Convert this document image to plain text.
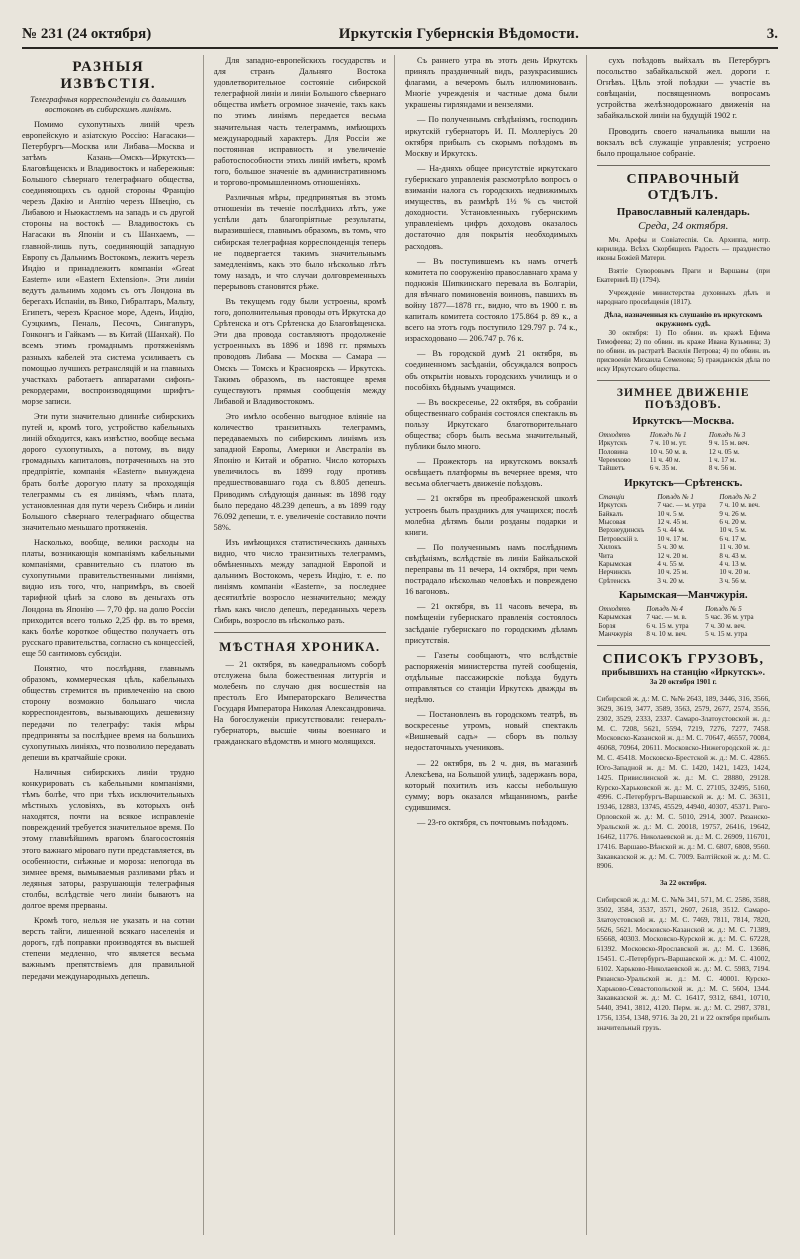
№ 231 (24 октября)	Иркутскія Губернскія Вѣдомости.	3.
РАЗНЫЯ ИЗВѢСТІЯ.
Телеграфныя корреспонденціи съ дальнимъ востокомъ въ сибирскимъ линіямъ.

Помимо сухопутныхъ линій чрезъ европейскую и азіатскую Россію: Нагасаки—Петербургъ—Москва или Либава—Москва и затѣмъ Казань—Омскъ—Иркутскъ—Благовѣщенскъ и Владивостокъ и набережныя: Большого сѣвернаго телеграфнаго общества, соединяющихъ съ одной стороны Францію черезъ Дакію и Англію черезъ Швецію, съ Либавою и Ньюкастлемъ на западъ и съ другой стороны на востокѣ — Владивостокъ съ Нагасаки въ Японіи и съ Шанхаемъ, — главной-лишь путь, соединяющій западную Европу съ Дальнимъ Востокомъ, лежитъ черезъ Индію и принадлежитъ компаніи «Great Eastern» или «Eastern Extension». Эти линіи ведутъ дальнимъ ходомъ съ отъ Лондона въ берегахъ Испаніи, въ Вико, Гибралтаръ, Мальту, Египетъ, черезъ Красное море, Аденъ, Индію, Суэцкимъ, Пеналь, Песочъ, Сингапуръ, Гонконгъ и Гайкамъ — въ Китай (Шанхай). По всемъ этимъ громаднымъ протяженіямъ разныхъ кабелей эта система усиливаетъ съ помощью лучшихъ ретрансляцій и на главныхъ участкахъ работаетъ аппаратами сифонъ-рекордерами, воспроизводящими шрифтъ-морзе записи.

Эти пути значительно длиннѣе сибирскихъ путей и, кромѣ того, устройство кабельныхъ линій обходится, какъ извѣстно, вообще весьма дорого сухопутныхъ, а потому, въ виду громадныхъ капиталовъ, потраченныхъ на это предпріятіе, компанія «Eastern» вынуждена брать болѣе дорогую плату за проходящія телеграммы съ ея линіямъ, чѣмъ плата, установленная для пути черезъ Сибирь и линіи Большого сѣвернаго телеграфнаго общества значительно меньшаго протяженія.

Насколько, вообще, велики расходы на платы, возникающія компаніямъ кабельными компаніями, сравнительно съ платою въ сухопутными правительственными линіями, видно изъ того, что, напримѣръ, въ своей тарифной цѣнѣ за слово въ деньгахъ отъ Лондона въ Японію — 7,70 фр. на долю Россіи приходится всего только 2,25 фр. въ то время, какъ болѣе короткое общество получаетъ отъ русскаго правительства, согласно съ концессіей, еще 50 сантимовъ субсидіи.

Понятно, что послѣдняя, главнымъ образомъ, коммерческая цѣль, кабельныхъ обществъ стремится въ привлеченію на свою сторону возможно большаго числа корреспондентовъ, вызывающихъ дешевизну передачи по телеграфу: такія мѣры предприняты за послѣднее время на большихъ сухопутныхъ линіяхъ, что позволило передавать депеши въ кратчайшіе сроки.

Наличныя сибирскихъ линіи трудно конкурировать съ кабельными компаніями, тѣмъ болѣе, что при тѣхъ исключительныхъ мѣстныхъ условіяхъ, въ которыхъ онѣ находятся, почти на всякое исправленіе повреждений требуется значительное время. По этому главнѣйшимъ врагомъ благосостоянія этого важнаго міроваго пути представляется, въ особенности, снѣжные и мороза: непогода въ зимнее время, вымываемыя разливами рѣкъ и ледяныя заторы, разрушающія телеграфныя столбы, вслѣдствіе чего линіи бываютъ на долгое время прерваны.

Кромѣ того, нельзя не указать и на сотни верстъ тайги, лишенной всякаго населенія и дорогъ, гдѣ поправки производятся въ высшей степени медленно, что является весьма важнымъ препятствіемъ для правильной передачи международныхъ депешъ.

Для западно-европейскихъ государствъ и для странъ Дальняго Востока удовлетворительное состояніе сибирской телеграфной линіи и линіи Большого сѣвернаго общества имѣетъ огромное значеніе, такъ какъ по этимъ линіямъ передается весьма значительная часть телеграммъ, имѣющихъ международный характеръ. Для Россіи же постоянная исправность и увеличеніе работоспособности этихъ линій имѣетъ, кромѣ того, большое значеніе въ административномъ и торгово-промышленномъ отношеніяхъ.

Различныя мѣры, предпринятыя въ этомъ отношеніи въ теченіе послѣднихъ лѣтъ, уже успѣли дать благопріятные результаты, выразившіеся, главнымъ образомъ, въ томъ, что сибирская телеграфная корреспонденція теперь не подвергается такимъ значительнымъ замедленіямъ, какъ это было нѣсколько лѣтъ тому назадъ, и что случаи долговременныхъ перерывовъ становятся рѣже.

Въ текущемъ году были устроены, кромѣ того, дополнительныя проводы отъ Иркутска до Срѣтенска и отъ Срѣтенска до Благовѣщенска. Эти два провода составляютъ продолженіе устроенныхъ въ 1896 и 1898 гг. прямыхъ проводовъ Либава — Москва — Самара — Омскъ — Томскъ и Красноярскъ — Иркутскъ. Такимъ образомъ, въ настоящее время существуютъ прямыя сообщенія между Либавой и Владивостокомъ.

Это имѣло особенно выгодное вліяніе на количество транзитныхъ телеграммъ, передаваемыхъ по сибирскимъ линіямъ изъ западной Европы, Америки и Австраліи въ Японію и Китай и обратно. Число которыхъ увеличилось въ 1899 году противъ предшествовавшаго года съ 8.805 депешъ. Приводимъ слѣдующія данныя: въ 1898 году было передано 48.239 депешъ, а въ 1899 году 76.092 депеши, т. е. увеличеніе составило почти 58%.

Изъ имѣющихся статистическихъ данныхъ видно, что число транзитныхъ телеграммъ, обмѣненныхъ между западной Европой и дальнимъ Востокомъ, черезъ Индію, т. е. по линіямъ компаніи «Eastern», за последнее десятилѣтіе возросло незначительно; между тѣмъ какъ число депешъ, переданныхъ черезъ Сибирь, возросло въ нѣсколько разъ.

МѢСТНАЯ ХРОНИКА.

— 21 октября, въ каѳедральномъ соборѣ отслужена была божественная литургія и молебенъ по случаю дня восшествія на престолъ Его Императорскаго Величества Государя Императора Николая Александровича. На богослуженіи присутствовали: генералъ-губернаторъ, высшіе чины военнаго и гражданскаго вѣдомствъ и много молящихся.

Съ раннего утра въ этотъ день Иркутскъ принялъ праздничный видъ, разукрасившись флагами, а вечеромъ былъ иллюминованъ. Многіе учрежденія и частные дома были украшены гирляндами и вензелями.

— По полученнымъ свѣдѣніямъ, господинъ иркутскій губернаторъ И. П. Моллерiусъ 20 октября прибылъ съ скорымъ поѣздомъ въ Москву и Иркутскъ.

— На-дняхъ общее присутствіе иркутскаго губернскаго управленія разсмотрѣло вопросъ о взиманіи налога съ городскихъ недвижимыхъ имуществъ, въ размѣрѣ 1½ % съ чистой доходности. Установленныхъ губернскимъ управленіемъ цифръ доходовъ оказалось достаточно для покрытія необходимыхъ расходовъ.

— Въ поступившемъ къ намъ отчетѣ комитета по сооруженію православнаго храма у подножія Шипкинскаго перевала въ Болгаріи, для вѣчнаго поминовенія воиновъ, павшихъ въ войну 1877—1878 гг., видно, что въ 1900 г. въ капиталъ комитета состояло 175.864 р. 89 к., а всего на этотъ годъ поступило 129.797 р. 74 к., израсходовано — 206.747 р. 76 к.

— Въ городской думѣ 21 октября, въ соединенномъ засѣданіи, обсуждался вопросъ объ открытіи новыхъ городскихъ училищъ и о пособіяхъ бѣднымъ учащимся.

— Въ воскресенье, 22 октября, въ собраніи общественнаго собранія состоялся спектакль въ пользу Иркутскаго благотворительнаго общества; сборъ былъ весьма значительный, публики было много.

— Прожекторъ на иркутскомъ вокзалѣ освѣщаетъ платформы въ вечернее время, что весьма облегчаетъ движеніе поѣздовъ.

— 21 октября въ преображенской школѣ устроенъ былъ праздникъ для учащихся; послѣ молебна дѣтямъ были розданы подарки и книги.

— По полученнымъ намъ послѣднимъ свѣдѣніямъ, вслѣдствіе въ линіи Байкальской переправы въ 11 вечера, 14 октября, при чемъ пострадало нѣсколько человѣкъ и повреждено 16 вагоновъ.

— 21 октября, въ 11 часовъ вечера, въ помѣщеніи губернскаго правленія состоялось засѣданіе губернскаго по городскимъ дѣламъ присутствія.

— Газеты сообщаютъ, что вслѣдствіе распоряженія министерства путей сообщенія, отдѣльные пассажирскіе поѣзда будутъ отправляться со станціи Иркутскъ дважды въ недѣлю.

— Постановленъ въ городскомъ театрѣ, въ воскресенье утромъ, новый спектакль «Вишневый садъ» — сборъ въ пользу недостаточныхъ учениковъ.

— 22 октября, въ 2 ч. дня, въ магазинѣ Алексѣева, на Большой улицѣ, задержанъ вора, который похитилъ изъ кассы небольшую сумму; воръ оказался мѣщаниномъ, ранѣе судившимся.

— 23-го октября, съ почтовымъ поѣздомъ.

сухъ поѣздовъ выйхалъ въ Петербургъ посольство забайкальской жел. дороги г. Огнѣвъ. Цѣль этой поѣздки — участіе въ совѣщаніи, посвященномъ вопросамъ устройства желѣзнодорожнаго движенія на забайкальской линіи на будущій 1902 г.

Проводить своего начальника вышли на вокзалъ всѣ служащіе управленія; устроено было прощальное собраніе.

СПРАВОЧНЫЙ ОТДѢЛЪ.
Православный календарь.
Среда, 24 октября.

Мч. Арефы и Совіатеспія. Св. Архиппа, митр. кирилида. Всѣхъ Скорбящихъ Радость — празднество иконы Божіей Матери.

Взятіе Суворовымъ Праги и Варшавы (при Екатеринѣ II) (1794).

Учрежденіе министерства духовныхъ дѣлъ и народнаго просвѣщенія (1817).

Дѣла, назначенныя къ слушанію въ иркутскомъ окружномъ судѣ.

30 октября: 1) По обвин. въ кражѣ Ефима Тимофеева; 2) по обвин. въ краже Ивана Кузьмина; 3) по обвин. въ растратѣ Василія Петрова; 4) по обвин. въ присвоеніи Михаила Семенова; 5) гражданскія дѣла по иску Иркутскаго общества.

ЗИМНЕЕ ДВИЖЕНІЕ ПОѢЗДОВЪ.
Иркутскъ—Москва.
Отходятъ	Поѣздъ № 1	Поѣздъ № 3
Иркутскъ	7 ч. 10 м. ут.	9 ч. 15 м. веч.
Половина	10 ч. 50 м. в.	12 ч. 05 м.
Черемхово	11 ч. 40 м.	1 ч. 17 м.
Тайшетъ	6 ч. 35 м.	8 ч. 56 м.
Иркутскъ—Срѣтенскъ.
Станціи	Поѣздъ № 1	Поѣздъ № 2
Иркутскъ	7 час. — м. утра	7 ч. 10 м. веч.
Байкалъ	10 ч. 5 м.	9 ч. 26 м.
Мысовая	12 ч. 45 м.	6 ч. 20 м.
Верхнеудинскъ	5 ч. 44 м.	10 ч. 5 м.
Петровскій з.	10 ч. 17 м.	6 ч. 17 м.
Хилокъ	5 ч. 30 м.	11 ч. 30 м.
Чита	12 ч. 20 м.	8 ч. 43 м.
Карымская	4 ч. 55 м.	4 ч. 13 м.
Нерчинскъ	10 ч. 25 м.	10 ч. 20 м.
Срѣтенскъ	3 ч. 20 м.	3 ч. 56 м.
Карымская—Манчжурія.
Отходятъ	Поѣздъ № 4	Поѣздъ № 5
Карымская	7 час. — м. в.	5 час. 36 м. утра
Борзя	6 ч. 15 м. утра	7 ч. 30 м. веч.
Манчжурія	8 ч. 10 м. веч.	5 ч. 15 м. утра
СПИСОКЪ ГРУЗОВЪ,
прибывшихъ на станцію «Иркутскъ».
За 20 октября 1901 г.

Сибирской ж. д.: М. С. №№ 2643, 189, 3446, 316, 3566, 3629, 3619, 3477, 3589, 3563, 2579, 2677, 2574, 3556, 2302, 3529, 2333, 2337. Самаро-Златоустовской ж. д.: М. С. 7208, 5621, 5594, 7219, 7276, 7277, 7458. Московско-Казанской ж. д.: М. С. 70647, 46557, 70084, 46068, 70964, 20611. Московско-Нижегородской ж. д.: М. С. 45418. Московско-Брестской ж. д.: М. С. 42865. Юго-Западной ж. д.: М. С. 1420, 1421, 1423, 1424, 1425. Привислинской ж. д.: М. С. 28880, 29128. Курско-Харьковской ж. д.: М. С. 27105, 32495, 5160, 4996. С.-Петербургъ-Варшавской ж. д.: М. С. 36311, 19346, 12883, 13745, 45529, 44940, 40307, 45371. Риго-Орловской ж. д.: М. С. 5010, 2914, 3007. Рязанско-Уральской ж. д.: М. С. 20018, 19757, 26416, 19642, 16462, 11776. Николаевской ж. д.: М. С. 26909, 116701, 17416. Варшаво-Вѣнской ж. д.: М. С. 6807, 6808, 9560. Закавказской ж. д.: М. С. 7009. Балтійской ж. д.: М. С. 8906.

За 22 октября.

Сибирской ж. д.: М. С. №№ 341, 571, М. С. 2586, 3588, 3502, 3584, 3537, 3571, 2607, 2618, 3512. Самаро-Златоустовской ж. д.: М. С. 7469, 7811, 7814, 7820, 5626, 5621. Московско-Казанской ж. д.: М. С. 71389, 65668, 40303. Московско-Курской ж. д.: М. С. 67228, 61392. Московско-Ярославской ж. д.: М. С. 13686, 15451. С.-Петербургъ-Варшавской ж. д.: М. С. 41002, 6102. Харьково-Николаевской ж. д.: М. С. 5983, 7194. Рязанско-Уральской ж. д.: М. С. 40001. Курско-Харьково-Севастопольской ж. д.: М. С. 5604, 1344. Закавказской ж. д.: М. С. 16417, 9312, 6841, 10710, 5440, 3941, 3812, 4120. Перм. ж. д.: М. С. 2987, 3781, 1756, 1354, 1348, 9716. За 20, 21 и 22 октября прибылъ значительный грузъ.
